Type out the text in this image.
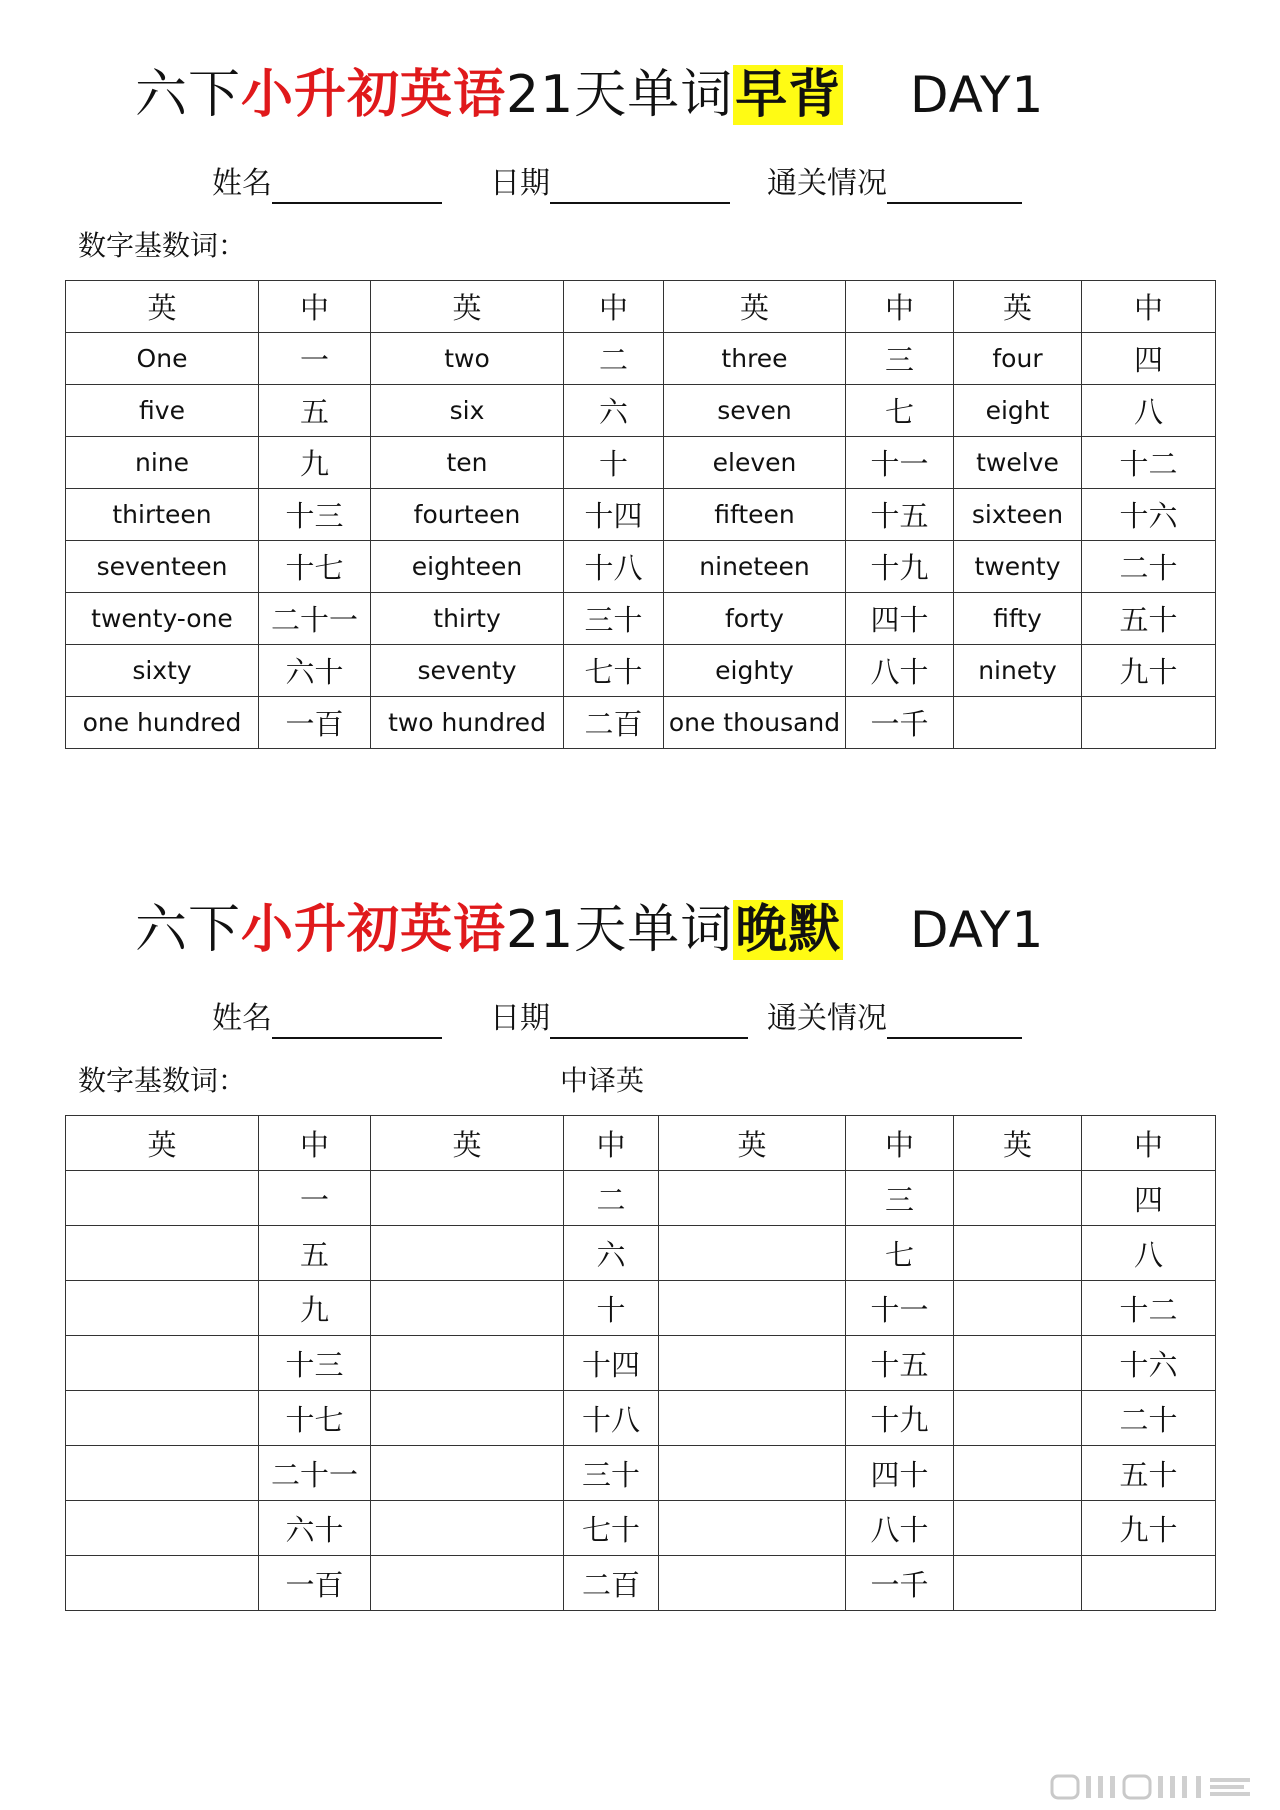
六下小升初英语21天单词早背 DAY1
姓名	日期	通关情况
数字基数词：
英	中	英	中	英	中	英	中
One	一	two	二	three	三	four	四
five	五	six	六	seven	七	eight	八
nine	九	ten	十	eleven	十一	twelve	十二
thirteen	十三	fourteen	十四	fifteen	十五	sixteen	十六
seventeen	十七	eighteen	十八	nineteen	十九	twenty	二十
twenty-one	二十一	thirty	三十	forty	四十	fifty	五十
sixty	六十	seventy	七十	eighty	八十	ninety	九十
one hundred	一百	two hundred	二百	one thousand	一千		
六下小升初英语21天单词晚默 DAY1
姓名	日期	通关情况
数字基数词：	中译英
英	中	英	中	英	中	英	中
	一		二		三		四
	五		六		七		八
	九		十		十一		十二
	十三		十四		十五		十六
	十七		十八		十九		二十
	二十一		三十		四十		五十
	六十		七十		八十		九十
	一百		二百		一千		
